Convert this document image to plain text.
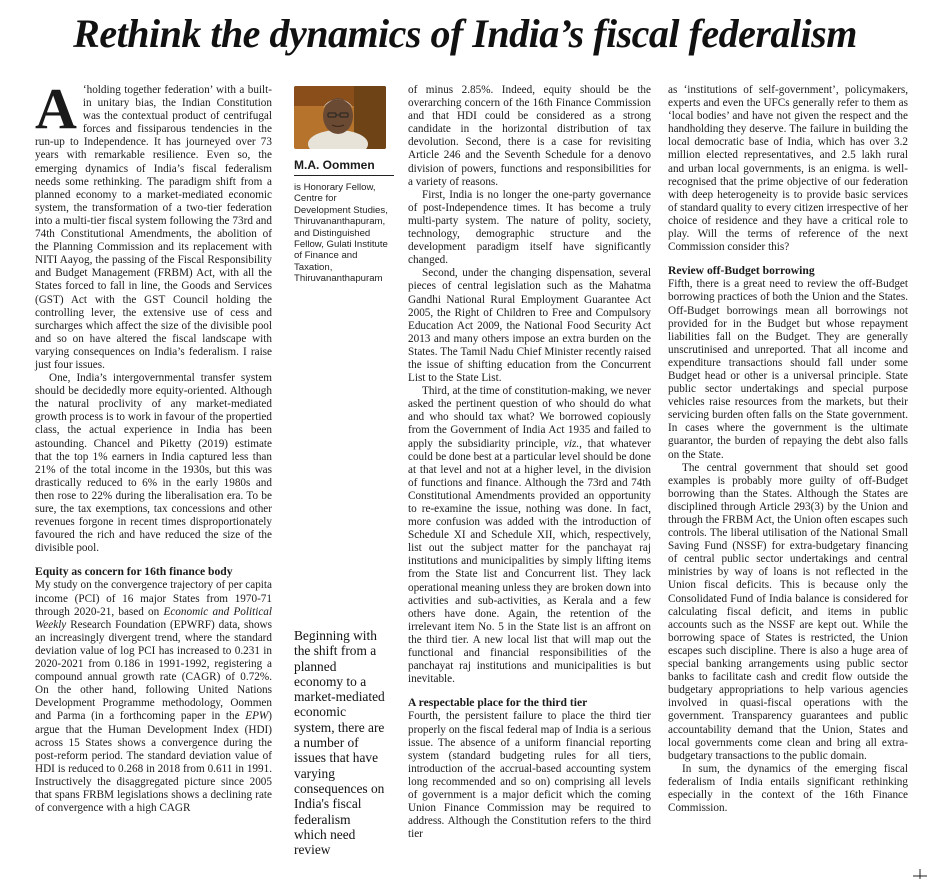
Rethink the dynamics of India’s fiscal federalism

A ‘holding together federation’ with a built-in unitary bias, the Indian Constitution was the contextual product of centrifugal forces and fissiparous tendencies in the run-up to Independence. It has journeyed over 73 years with remarkable resilience. Even so, the emerging dynamics of India’s fiscal federalism needs some rethinking. The paradigm shift from a planned economy to a market-mediated economic system, the transformation of a two-tier federation into a multi-tier fiscal system following the 73rd and 74th Constitutional Amendments, the abolition of the Planning Commission and its replacement with NITI Aayog, the passing of the Fiscal Responsibility and Budget Management (FRBM) Act, with all the States forced to fall in line, the Goods and Services (GST) Act with the GST Council holding the controlling lever, the extensive use of cess and surcharges which affect the size of the divisible pool and so on have altered the fiscal landscape with varying consequences on India’s federalism. I raise just four issues.

One, India’s intergovernmental transfer system should be decidedly more equity-oriented. Although the natural proclivity of any market-mediated growth process is to work in favour of the propertied class, the actual experience in India has been astounding. Chancel and Piketty (2019) estimate that the top 1% earners in India captured less than 21% of the total income in the 1930s, but this was drastically reduced to 6% in the early 1980s and then rose to 22% during the liberalisation era. To be sure, the tax exemptions, tax concessions and other revenues forgone in recent times disproportionately favoured the rich and have reduced the size of the divisible pool.

Equity as concern for 16th finance body

My study on the convergence trajectory of per capita income (PCI) of 16 major States from 1970-71 through 2020-21, based on Economic and Political Weekly Research Foundation (EPWRF) data, shows an increasingly divergent trend, where the standard deviation value of log PCI has increased to 0.231 in 2020-2021 from 0.186 in 1991-1992, registering a compound annual growth rate (CAGR) of 0.72%. On the other hand, following United Nations Development Programme methodology, Oommen and Parma (in a forthcoming paper in the EPW) argue that the Human Development Index (HDI) across 15 States shows a convergence during the post-reform period. The standard deviation value of HDI is reduced to 0.268 in 2018 from 0.611 in 1991. Instructively the disaggregated picture since 2005 that spans FRBM legislations shows a declining rate of convergence with a high CAGR

M.A. Oommen
is Honorary Fellow, Centre for Development Studies, Thiruvananthapuram, and Distinguished Fellow, Gulati Institute of Finance and Taxation, Thiruvananthapuram
Beginning with the shift from a planned economy to a market-mediated economic system, there are a number of issues that have varying consequences on India's fiscal federalism which need review

of minus 2.85%. Indeed, equity should be the overarching concern of the 16th Finance Commission and that HDI could be considered as a strong candidate in the horizontal distribution of tax devolution. Second, there is a case for revisiting Article 246 and the Seventh Schedule for a denovo division of powers, functions and responsibilities for a variety of reasons.

First, India is no longer the one-party governance of post-Independence times. It has become a truly multi-party system. The nature of polity, society, technology, demographic structure and the development paradigm itself have significantly changed.

Second, under the changing dispensation, several pieces of central legislation such as the Mahatma Gandhi National Rural Employment Guarantee Act 2005, the Right of Children to Free and Compulsory Education Act 2009, the National Food Security Act 2013 and many others impose an extra burden on the States. The Tamil Nadu Chief Minister recently raised the issue of shifting education from the Concurrent List to the State List.

Third, at the time of constitution-making, we never asked the pertinent question of who should do what and who should tax what? We borrowed copiously from the Government of India Act 1935 and failed to apply the subsidiarity principle, viz., that whatever could be done best at a particular level should be done at that level and not at a higher level, in the division of functions and finance. Although the 73rd and 74th Constitutional Amendments provided an opportunity to re-examine the issue, nothing was done. In fact, more confusion was added with the introduction of Schedule XI and Schedule XII, which, respectively, list out the subject matter for the panchayat raj institutions and municipalities by simply lifting items from the State list and Concurrent list. They lack operational meaning unless they are broken down into activities and sub-activities, as Kerala and a few others have done. Again, the retention of the irrelevant item No. 5 in the State list is an affront on the third tier. A new local list that will map out the functional and financial responsibilities of the panchayat raj institutions and municipalities is but inevitable.

A respectable place for the third tier

Fourth, the persistent failure to place the third tier properly on the fiscal federal map of India is a serious issue. The absence of a uniform financial reporting system (standard budgeting rules for all tiers, introduction of the accrual-based accounting system long recommended and so on) comprising all levels of government is a major deficit which the coming Union Finance Commission may be required to address. Although the Constitution refers to the third tier

as ‘institutions of self-government’, policymakers, experts and even the UFCs generally refer to them as ‘local bodies’ and have not given the respect and the handholding they deserve. The failure in building the local democratic base of India, which has over 3.2 million elected representatives, and 2.5 lakh rural and urban local governments, is an enigma. is well-recognised that the prime objective of our federation with deep heterogeneity is to provide basic services of standard quality to every citizen irrespective of her choice of residence and they have a critical role to play. Will the terms of reference of the next Commission consider this?

Review off-Budget borrowing

Fifth, there is a great need to review the off-Budget borrowing practices of both the Union and the States. Off-Budget borrowings mean all borrowings not provided for in the Budget but whose repayment liabilities fall on the Budget. They are generally unscrutinised and unreported. That all income and expenditure transactions should fall under some Budget head or other is a universal principle. State public sector undertakings and special purpose vehicles raise resources from the markets, but their servicing burden often falls on the State government. In cases where the government is the ultimate guarantor, the burden of repaying the debt also falls on the State.

The central government that should set good examples is probably more guilty of off-Budget borrowing than the States. Although the States are disciplined through Article 293(3) by the Union and through the FRBM Act, the Union often escapes such controls. The liberal utilisation of the National Small Saving Fund (NSSF) for extra-budgetary financing of central public sector undertakings and central ministries by way of loans is not reflected in the Union fiscal deficits. This is because only the Consolidated Fund of India balance is considered for calculating fiscal deficit, and items in public accounts such as the NSSF are kept out. While the borrowing space of States is restricted, the Union escapes such discipline. There is also a huge area of special banking arrangements using public sector banks to facilitate cash and credit flow outside the budgetary appropriations to help various agencies involved in quasi-fiscal operations with the government. Transparency guarantees and public accountability demand that the Union, States and local governments come clean and bring all extra-budgetary transactions to the public domain.

In sum, the dynamics of the emerging fiscal federalism of India entails significant rethinking especially in the context of the 16th Finance Commission.
